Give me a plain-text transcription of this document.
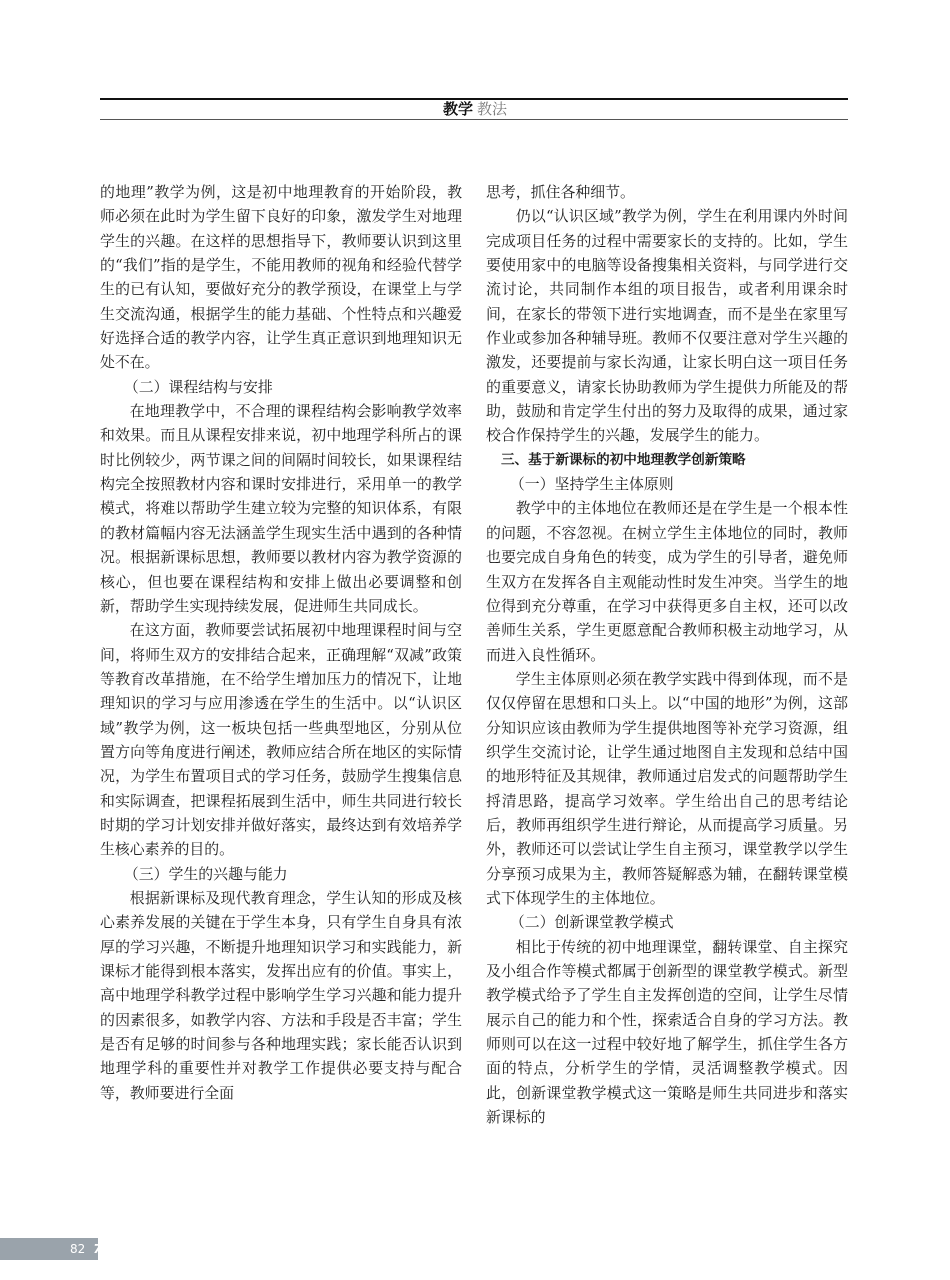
教学 教法

的地理”教学为例，这是初中地理教育的开始阶段，教师必须在此时为学生留下良好的印象，激发学生对地理学生的兴趣。在这样的思想指导下，教师要认识到这里的“我们”指的是学生，不能用教师的视角和经验代替学生的已有认知，要做好充分的教学预设，在课堂上与学生交流沟通，根据学生的能力基础、个性特点和兴趣爱好选择合适的教学内容，让学生真正意识到地理知识无处不在。

（二）课程结构与安排

在地理教学中，不合理的课程结构会影响教学效率和效果。而且从课程安排来说，初中地理学科所占的课时比例较少，两节课之间的间隔时间较长，如果课程结构完全按照教材内容和课时安排进行，采用单一的教学模式，将难以帮助学生建立较为完整的知识体系，有限的教材篇幅内容无法涵盖学生现实生活中遇到的各种情况。根据新课标思想，教师要以教材内容为教学资源的核心，但也要在课程结构和安排上做出必要调整和创新，帮助学生实现持续发展，促进师生共同成长。

在这方面，教师要尝试拓展初中地理课程时间与空间，将师生双方的安排结合起来，正确理解“双减”政策等教育改革措施，在不给学生增加压力的情况下，让地理知识的学习与应用渗透在学生的生活中。以“认识区域”教学为例，这一板块包括一些典型地区，分别从位置方向等角度进行阐述，教师应结合所在地区的实际情况，为学生布置项目式的学习任务，鼓励学生搜集信息和实际调查，把课程拓展到生活中，师生共同进行较长时期的学习计划安排并做好落实，最终达到有效培养学生核心素养的目的。

（三）学生的兴趣与能力

根据新课标及现代教育理念，学生认知的形成及核心素养发展的关键在于学生本身，只有学生自身具有浓厚的学习兴趣，不断提升地理知识学习和实践能力，新课标才能得到根本落实，发挥出应有的价值。事实上，高中地理学科教学过程中影响学生学习兴趣和能力提升的因素很多，如教学内容、方法和手段是否丰富；学生是否有足够的时间参与各种地理实践；家长能否认识到地理学科的重要性并对教学工作提供必要支持与配合等，教师要进行全面

思考，抓住各种细节。

仍以“认识区域”教学为例，学生在利用课内外时间完成项目任务的过程中需要家长的支持的。比如，学生要使用家中的电脑等设备搜集相关资料，与同学进行交流讨论，共同制作本组的项目报告，或者利用课余时间，在家长的带领下进行实地调查，而不是坐在家里写作业或参加各种辅导班。教师不仅要注意对学生兴趣的激发，还要提前与家长沟通，让家长明白这一项目任务的重要意义，请家长协助教师为学生提供力所能及的帮助，鼓励和肯定学生付出的努力及取得的成果，通过家校合作保持学生的兴趣，发展学生的能力。

三、基于新课标的初中地理教学创新策略
（一）坚持学生主体原则

教学中的主体地位在教师还是在学生是一个根本性的问题，不容忽视。在树立学生主体地位的同时，教师也要完成自身角色的转变，成为学生的引导者，避免师生双方在发挥各自主观能动性时发生冲突。当学生的地位得到充分尊重，在学习中获得更多自主权，还可以改善师生关系，学生更愿意配合教师积极主动地学习，从而进入良性循环。

学生主体原则必须在教学实践中得到体现，而不是仅仅停留在思想和口头上。以“中国的地形”为例，这部分知识应该由教师为学生提供地图等补充学习资源，组织学生交流讨论，让学生通过地图自主发现和总结中国的地形特征及其规律，教师通过启发式的问题帮助学生捋清思路，提高学习效率。学生给出自己的思考结论后，教师再组织学生进行辩论，从而提高学习质量。另外，教师还可以尝试让学生自主预习，课堂教学以学生分享预习成果为主，教师答疑解惑为辅，在翻转课堂模式下体现学生的主体地位。

（二）创新课堂教学模式

相比于传统的初中地理课堂，翻转课堂、自主探究及小组合作等模式都属于创新型的课堂教学模式。新型教学模式给予了学生自主发挥创造的空间，让学生尽情展示自己的能力和个性，探索适合自身的学习方法。教师则可以在这一过程中较好地了解学生，抓住学生各方面的特点，分析学生的学情，灵活调整教学模式。因此，创新课堂教学模式这一策略是师生共同进步和落实新课标的

82 7/2023
